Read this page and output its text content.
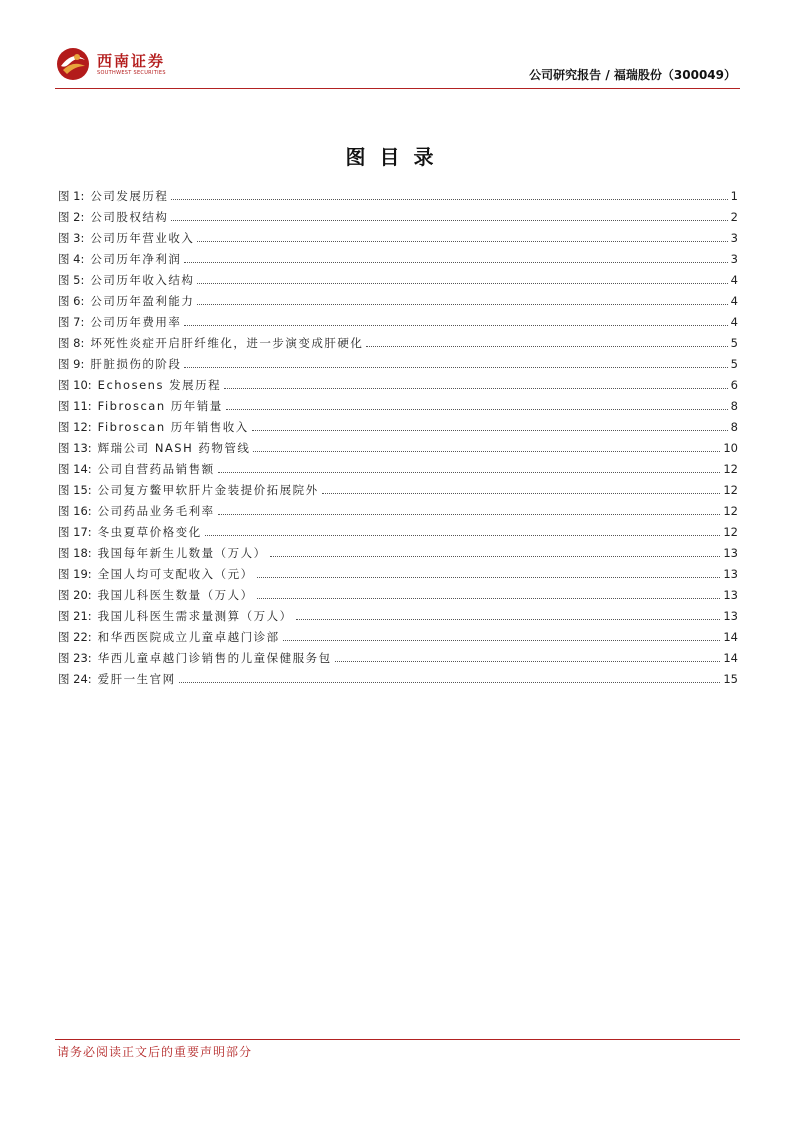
西南证券
SOUTHWEST SECURITIES	公司研究报告 / 福瑞股份（300049）
图目录
图 1: 公司发展历程	1
图 2: 公司股权结构	2
图 3: 公司历年营业收入	3
图 4: 公司历年净利润	3
图 5: 公司历年收入结构	4
图 6: 公司历年盈利能力	4
图 7: 公司历年费用率	4
图 8: 坏死性炎症开启肝纤维化，进一步演变成肝硬化	5
图 9: 肝脏损伤的阶段	5
图 10: Echosens 发展历程	6
图 11: Fibroscan 历年销量	8
图 12: Fibroscan 历年销售收入	8
图 13: 辉瑞公司 NASH 药物管线	10
图 14: 公司自营药品销售额	12
图 15: 公司复方鳖甲软肝片金装提价拓展院外	12
图 16: 公司药品业务毛利率	12
图 17: 冬虫夏草价格变化	12
图 18: 我国每年新生儿数量（万人）	13
图 19: 全国人均可支配收入（元）	13
图 20: 我国儿科医生数量（万人）	13
图 21: 我国儿科医生需求量测算（万人）	13
图 22: 和华西医院成立儿童卓越门诊部	14
图 23: 华西儿童卓越门诊销售的儿童保健服务包	14
图 24: 爱肝一生官网	15
请务必阅读正文后的重要声明部分
